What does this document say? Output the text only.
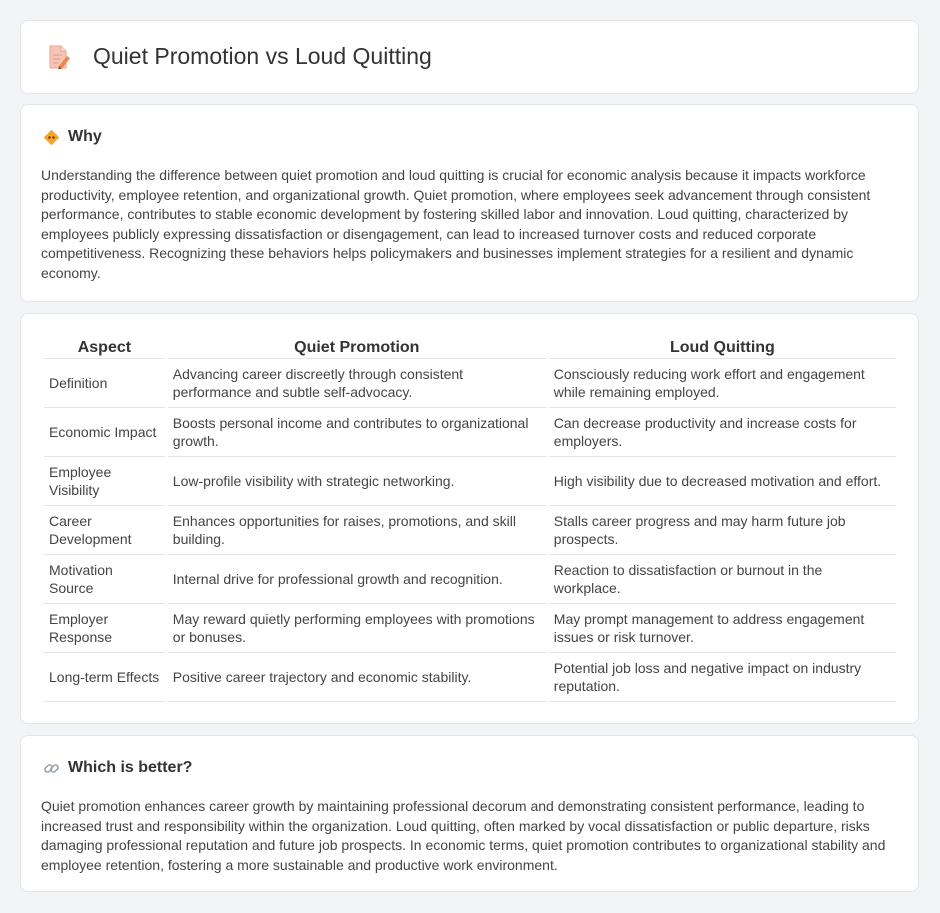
Quiet Promotion vs Loud Quitting
Why

Understanding the difference between quiet promotion and loud quitting is crucial for economic analysis because it impacts workforce productivity, employee retention, and organizational growth. Quiet promotion, where employees seek advancement through consistent performance, contributes to stable economic development by fostering skilled labor and innovation. Loud quitting, characterized by employees publicly expressing dissatisfaction or disengagement, can lead to increased turnover costs and reduced corporate competitiveness. Recognizing these behaviors helps policymakers and businesses implement strategies for a resilient and dynamic economy.

Aspect	Quiet Promotion	Loud Quitting
Definition	Advancing career discreetly through consistent performance and subtle self-advocacy.	Consciously reducing work effort and engagement while remaining employed.
Economic Impact	Boosts personal income and contributes to organizational growth.	Can decrease productivity and increase costs for employers.
Employee Visibility	Low-profile visibility with strategic networking.	High visibility due to decreased motivation and effort.
Career Development	Enhances opportunities for raises, promotions, and skill building.	Stalls career progress and may harm future job prospects.
Motivation Source	Internal drive for professional growth and recognition.	Reaction to dissatisfaction or burnout in the workplace.
Employer Response	May reward quietly performing employees with promotions or bonuses.	May prompt management to address engagement issues or risk turnover.
Long-term Effects	Positive career trajectory and economic stability.	Potential job loss and negative impact on industry reputation.
Which is better?

Quiet promotion enhances career growth by maintaining professional decorum and demonstrating consistent performance, leading to increased trust and responsibility within the organization. Loud quitting, often marked by vocal dissatisfaction or public departure, risks damaging professional reputation and future job prospects. In economic terms, quiet promotion contributes to organizational stability and employee retention, fostering a more sustainable and productive work environment.
